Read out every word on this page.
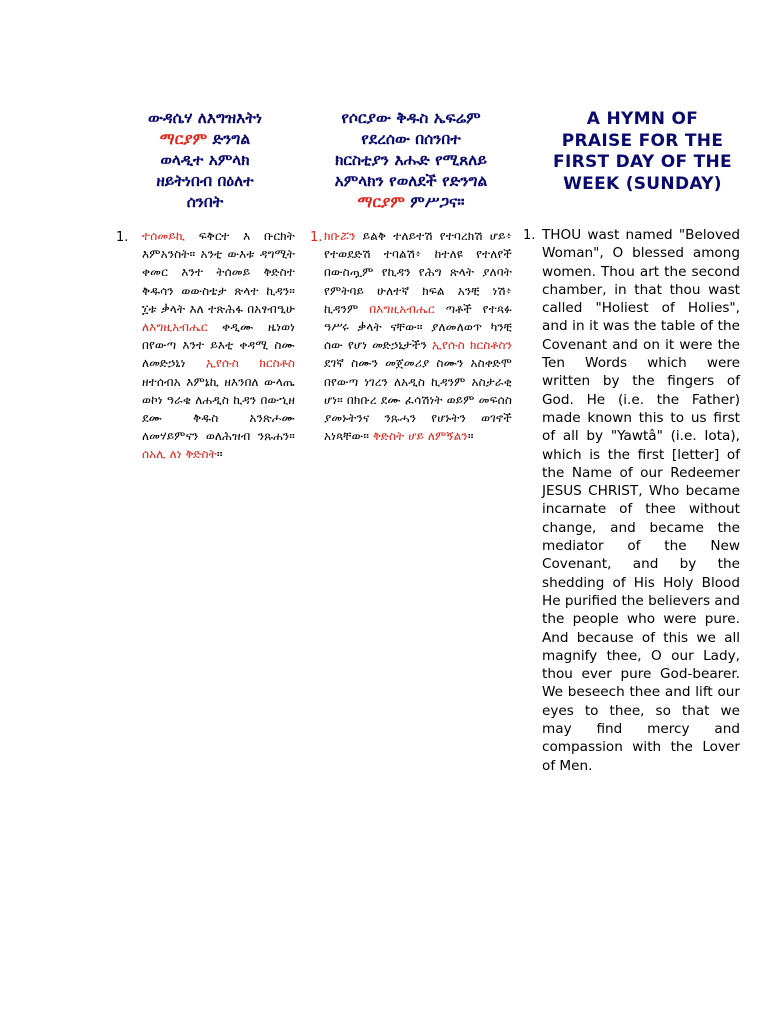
ውዳሴሃ ለእግዝእትነ
ማርያም ድንግል
ወላዲተ አምላክ
ዘይትነበብ በዕለተ
ሰንበት
1. ተሰመይኪ ፍቅርተ እ ቡርክት እምአንስት። አንቲ ውእቱ ዳግሚት ቀመር እንተ ትሰመይ ቅድስተ ቅዱሳን ወውስቴታ ጽላተ ኪዳን። ፲ቱ ቃላት እለ ተጽሕፋ በአፃብዒሁ ለእግዚአብሔር ቀዲሙ ዜነወነ በየውጣ እንተ ይእቲ ቀዳሚ ስሙ ለመድኃኒነ ኢየሱስ ክርስቶስ ዘተሰብአ እምኔኪ ዘእንበለ ውላጤ ወኮነ ዓራቄ ለሐዲስ ኪዳን በውኂዘ ደሙ ቅዱስ አንጽሖሙ ለመሃይምናን ወለሕዝብ ንጹሐን። ሰአሊ ለነ ቅድስት።
የሶርያው ቅዱስ ኤፍሬም
የደረሰው በሰንበተ
ክርስቲያን እሑድ የሚጸለይ
አምላክን የወለደች የድንግል
ማርያም ምሥጋና።
1. ክቡሯን ይልቅ ተለይተሽ የተባረክሽ ሆይ፥ የተወደድሽ ተባልሽ፥ ከተለዩ የተለየች በውስጧም የኪዳን የሕግ ጽላት ያለባት የምትባይ ሁለተኛ ክፍል አንቺ ነሽ፥ ኪዳንም በእግዚአብሔር ጣቶች የተጻፉ ዓሥሩ ቃላት ናቸው። ያለመለወጥ ካንቺ ሰው የሆነ መድኃኒታችን ኢየሱስ ክርስቶስን ደገኛ ስሙን መጀመሪያ ስሙን አስቀድሞ በየውጣ ነገረን ለአዲስ ኪዳንም አስታራቂ ሆነ። በክቡረ ደሙ ፈሳሽነት ወይም መፍሰስ ያመኑትንና ንጹሓን የሆኑትን ወገኖች አነጻቸው። ቅድስት ሆይ ለምኝልን።
A HYMN OF
PRAISE FOR THE
FIRST DAY OF THE
WEEK (SUNDAY)
1. THOU wast named "Beloved Woman", O blessed among women. Thou art the second chamber, in that thou wast called "Holiest of Holies", and in it was the table of the Covenant and on it were the Ten Words which were written by the fingers of God. He (i.e. the Father) made known this to us first of all by "Yawtâ" (i.e. Iota), which is the first [letter] of the Name of our Redeemer JESUS CHRIST, Who became incarnate of thee without change, and became the mediator of the New Covenant, and by the shedding of His Holy Blood He purified the believers and the people who were pure. And because of this we all magnify thee, O our Lady, thou ever pure God-bearer. We beseech thee and lift our eyes to thee, so that we may find mercy and compassion with the Lover of Men.
